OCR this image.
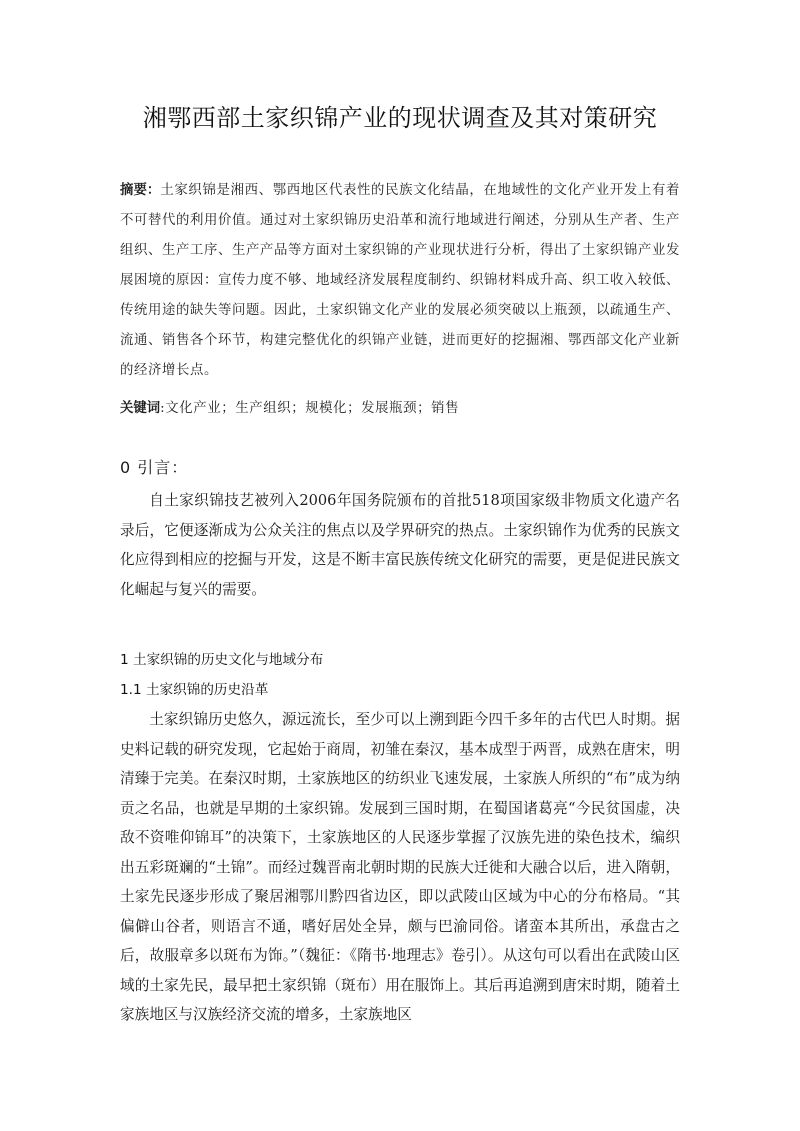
湘鄂西部土家织锦产业的现状调查及其对策研究
摘要：土家织锦是湘西、鄂西地区代表性的民族文化结晶，在地域性的文化产业开发上有着不可替代的利用价值。通过对土家织锦历史沿革和流行地域进行阐述，分别从生产者、生产组织、生产工序、生产产品等方面对土家织锦的产业现状进行分析，得出了土家织锦产业发展困境的原因：宣传力度不够、地域经济发展程度制约、织锦材料成升高、织工收入较低、传统用途的缺失等问题。因此，土家织锦文化产业的发展必须突破以上瓶颈，以疏通生产、流通、销售各个环节，构建完整优化的织锦产业链，进而更好的挖掘湘、鄂西部文化产业新的经济增长点。
关键词:文化产业；生产组织；规模化；发展瓶颈；销售
0 引言：
自土家织锦技艺被列入2006年国务院颁布的首批518项国家级非物质文化遗产名录后，它便逐渐成为公众关注的焦点以及学界研究的热点。土家织锦作为优秀的民族文化应得到相应的挖掘与开发，这是不断丰富民族传统文化研究的需要，更是促进民族文化崛起与复兴的需要。
1 土家织锦的历史文化与地域分布
1.1 土家织锦的历史沿革
土家织锦历史悠久，源远流长，至少可以上溯到距今四千多年的古代巴人时期。据史料记载的研究发现，它起始于商周，初雏在秦汉，基本成型于两晋，成熟在唐宋，明清臻于完美。在秦汉时期，土家族地区的纺织业飞速发展，土家族人所织的“布”成为纳贡之名品，也就是早期的土家织锦。发展到三国时期，在蜀国诸葛亮“今民贫国虚，决敌不资唯仰锦耳”的决策下，土家族地区的人民逐步掌握了汉族先进的染色技术，编织出五彩斑斓的“土锦”。而经过魏晋南北朝时期的民族大迁徙和大融合以后，进入隋朝，土家先民逐步形成了聚居湘鄂川黔四省边区，即以武陵山区域为中心的分布格局。“其偏僻山谷者，则语言不通，嗜好居处全异，颇与巴渝同俗。诸蛮本其所出，承盘古之后，故服章多以斑布为饰。”（魏征：《隋书·地理志》卷引）。从这句可以看出在武陵山区域的土家先民，最早把土家织锦（斑布）用在服饰上。其后再追溯到唐宋时期，随着土家族地区与汉族经济交流的增多，土家族地区
